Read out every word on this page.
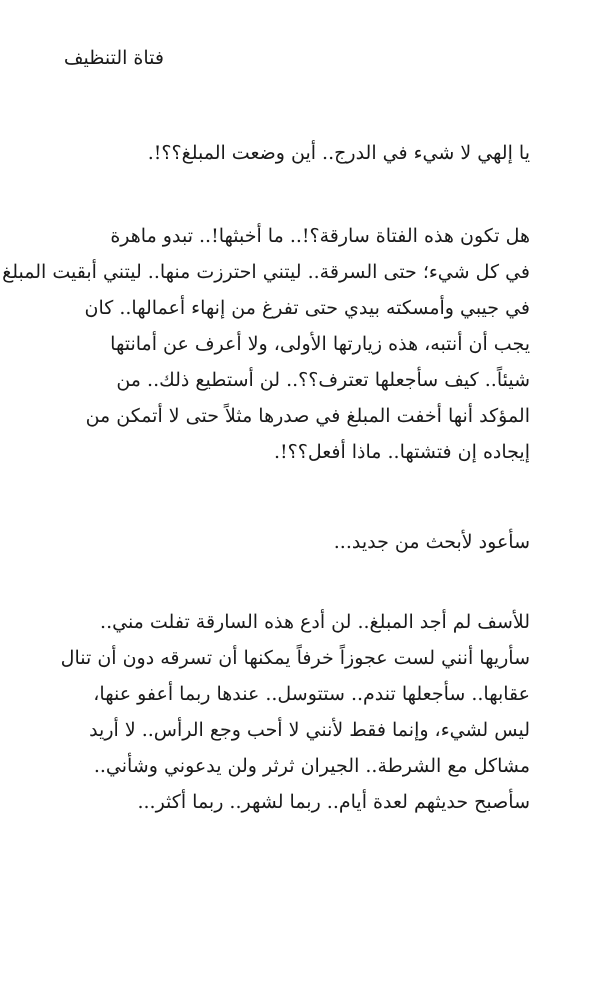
فتاة التنظيف
يا إلهي لا شيء في الدرج.. أين وضعت المبلغ؟؟!.
هل تكون هذه الفتاة سارقة؟!.. ما أخبثها!.. تبدو ماهرة
في كل شيء؛ حتى السرقة.. ليتني احترزت منها.. ليتني أبقيت المبلغ
في جيبي وأمسكته بيدي حتى تفرغ من إنهاء أعمالها.. كان
يجب أن أنتبه، هذه زيارتها الأولى، ولا أعرف عن أمانتها
شيئاً.. كيف سأجعلها تعترف؟؟.. لن أستطيع ذلك.. من
المؤكد أنها أخفت المبلغ في صدرها مثلاً حتى لا أتمكن من
إيجاده إن فتشتها.. ماذا أفعل؟؟!.
سأعود لأبحث من جديد...
للأسف لم أجد المبلغ.. لن أدع هذه السارقة تفلت مني..
سأريها أنني لست عجوزاً خرفاً يمكنها أن تسرقه دون أن تنال
عقابها.. سأجعلها تندم.. ستتوسل.. عندها ربما أعفو عنها،
ليس لشيء، وإنما فقط لأنني لا أحب وجع الرأس.. لا أريد
مشاكل مع الشرطة.. الجيران ثرثر ولن يدعوني وشأني..
سأصبح حديثهم لعدة أيام.. ربما لشهر.. ربما أكثر...
